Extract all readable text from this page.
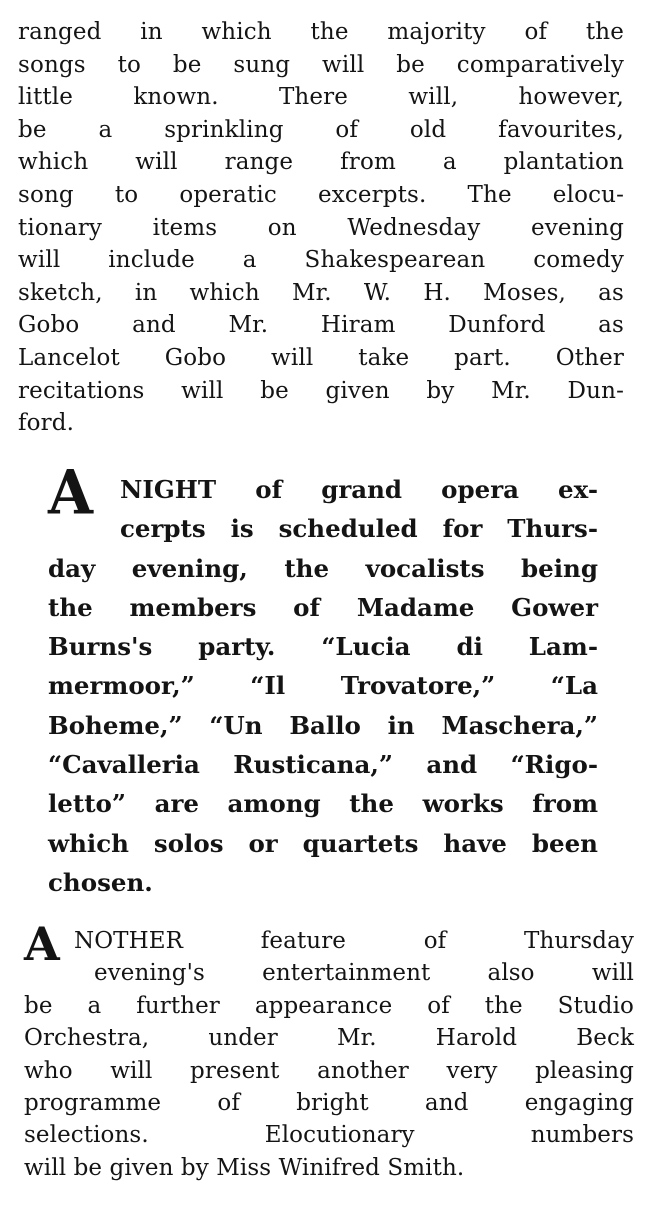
ranged in which the majority of the
songs to be sung will be comparatively
little known. There will, however,
be a sprinkling of old favourites,
which will range from a plantation
song to operatic excerpts. The elocu-
tionary items on Wednesday evening
will include a Shakespearean comedy
sketch, in which Mr. W. H. Moses, as
Gobo and Mr. Hiram Dunford as
Lancelot Gobo will take part. Other
recitations will be given by Mr. Dun-
ford.

A	NIGHT of grand opera ex-
cerpts is scheduled for Thurs-
day evening, the vocalists being
the members of Madame Gower
Burns's party. “Lucia di Lam-
mermoor,” “Il Trovatore,” “La
Boheme,” “Un Ballo in Maschera,”
“Cavalleria Rusticana,” and “Rigo-
letto” are among the works from
which solos or quartets have been
chosen.

A NOTHER feature of Thursday
evening's entertainment also will
be a further appearance of the Studio
Orchestra, under Mr. Harold Beck
who will present another very pleasing
programme of bright and engaging
selections. Elocutionary numbers
will be given by Miss Winifred Smith.
